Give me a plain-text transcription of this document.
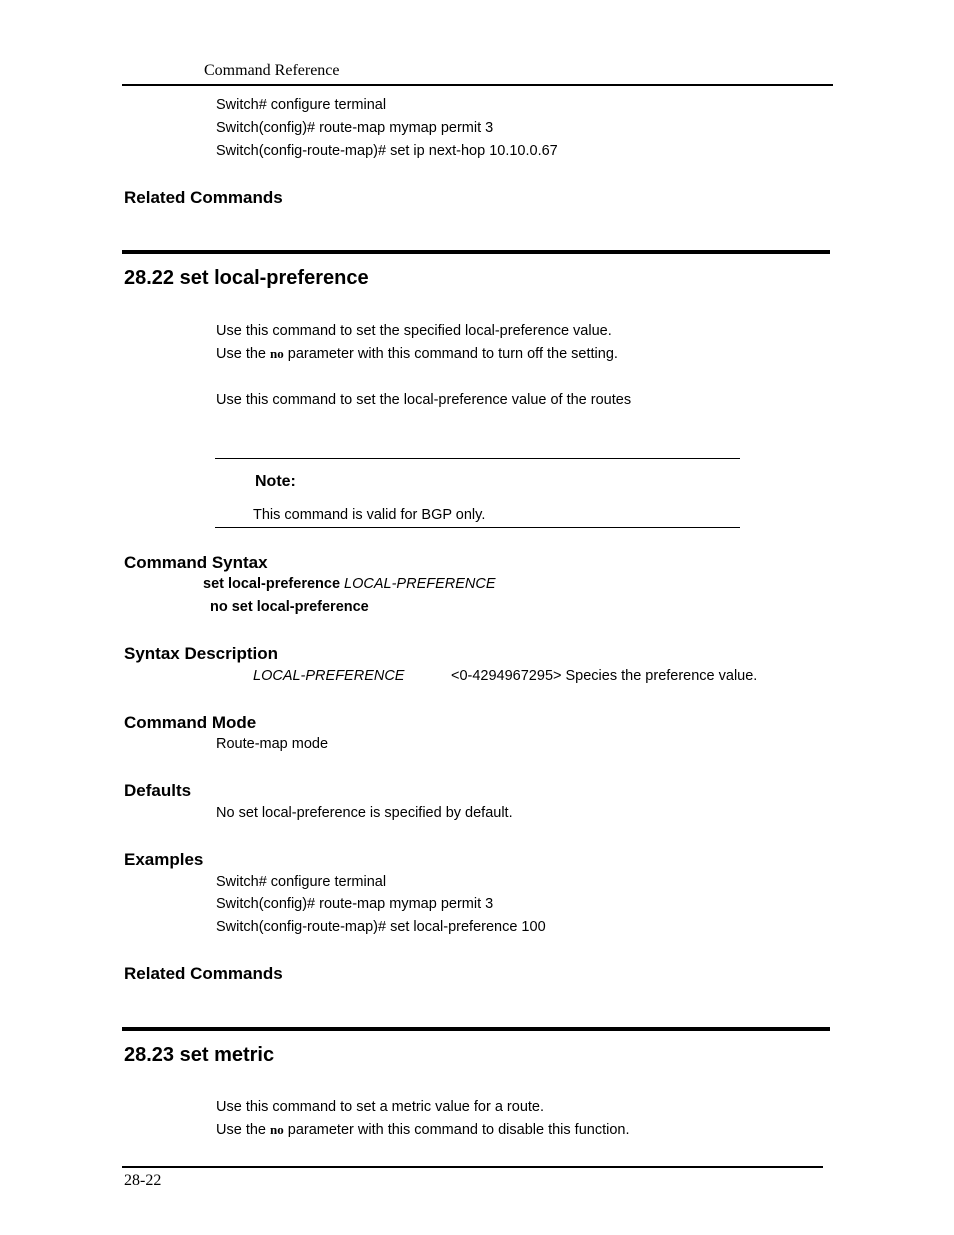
Command Reference
Switch# configure terminal
Switch(config)# route-map mymap permit 3
Switch(config-route-map)# set ip next-hop 10.10.0.67
Related Commands
28.22 set local-preference
Use this command to set the specified local-preference value.
Use the no parameter with this command to turn off the setting.
Use this command to set the local-preference value of the routes
Note:
This command is valid for BGP only.
Command Syntax
set local-preference LOCAL-PREFERENCE
no set local-preference
Syntax Description
LOCAL-PREFERENCE	<0-4294967295> Species the preference value.
Command Mode
Route-map mode
Defaults
No set local-preference is specified by default.
Examples
Switch# configure terminal
Switch(config)# route-map mymap permit 3
Switch(config-route-map)# set local-preference 100
Related Commands
28.23 set metric
Use this command to set a metric value for a route.
Use the no parameter with this command to disable this function.
28-22
